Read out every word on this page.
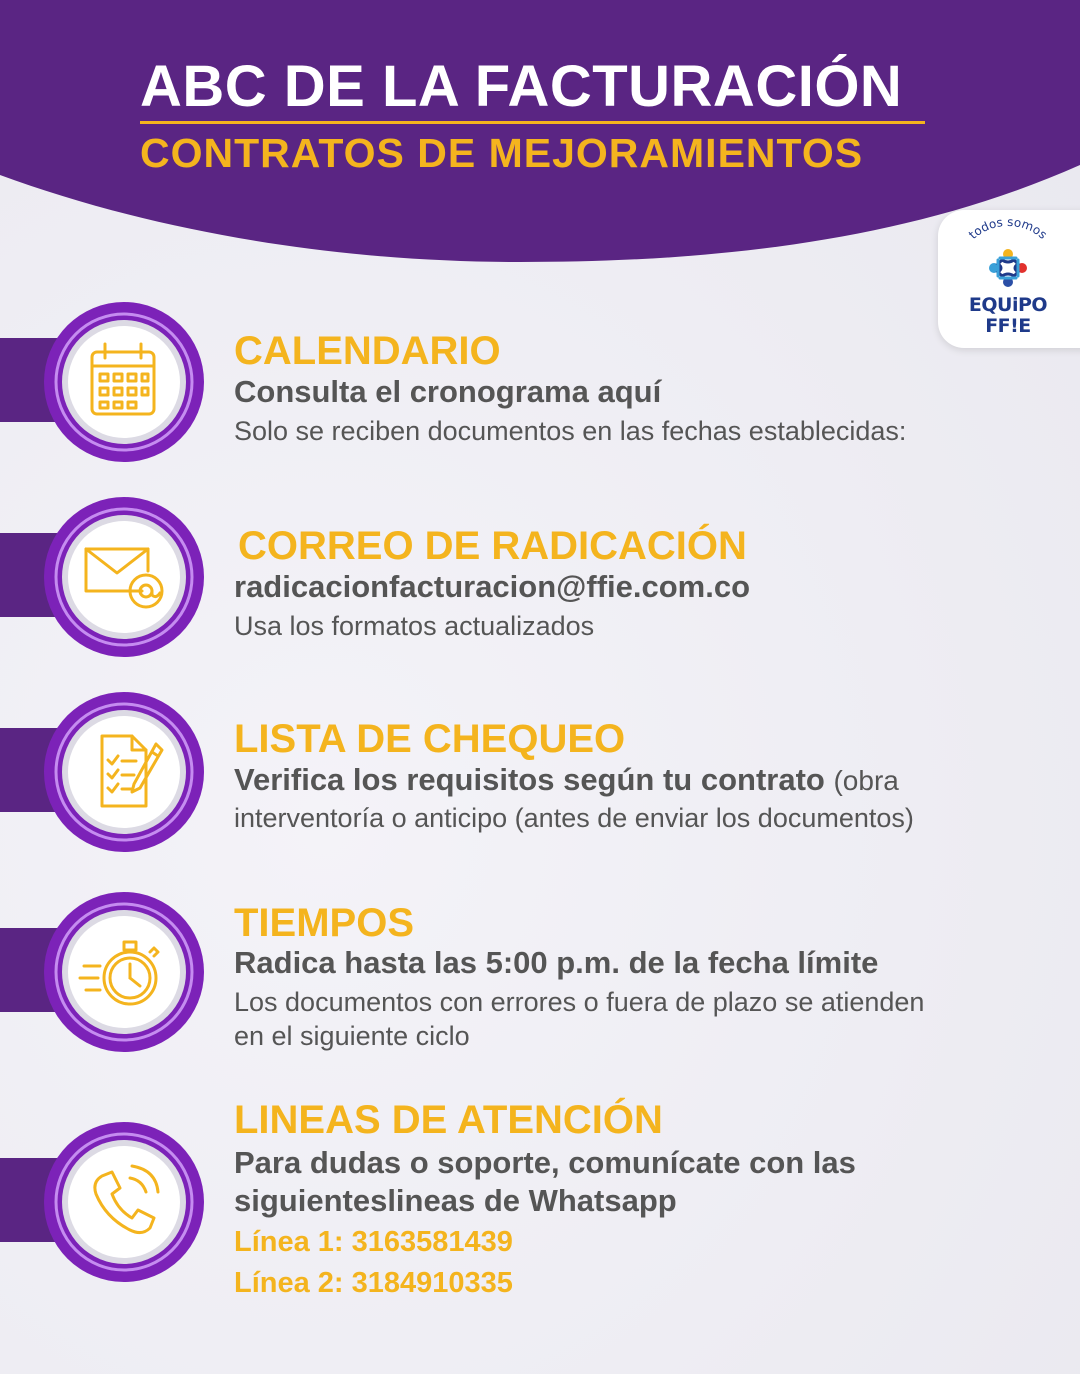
ABC DE LA FACTURACIÓN
CONTRATOS DE MEJORAMIENTOS
todos somos
EQUiPO
FF!E
CALENDARIO
Consulta el cronograma aquí
Solo se reciben documentos en las fechas establecidas:
CORREO DE RADICACIÓN
radicacionfacturacion@ffie.com.co
Usa los formatos actualizados
LISTA DE CHEQUEO
Verifica los requisitos según tu contrato (obra
interventoría o anticipo (antes de enviar los documentos)
TIEMPOS
Radica hasta las 5:00 p.m. de la fecha límite
Los documentos con errores o fuera de plazo se atienden
en el siguiente ciclo
LINEAS DE ATENCIÓN
Para dudas o soporte, comunícate con las
siguienteslineas de Whatsapp
Línea 1: 3163581439
Línea 2: 3184910335
